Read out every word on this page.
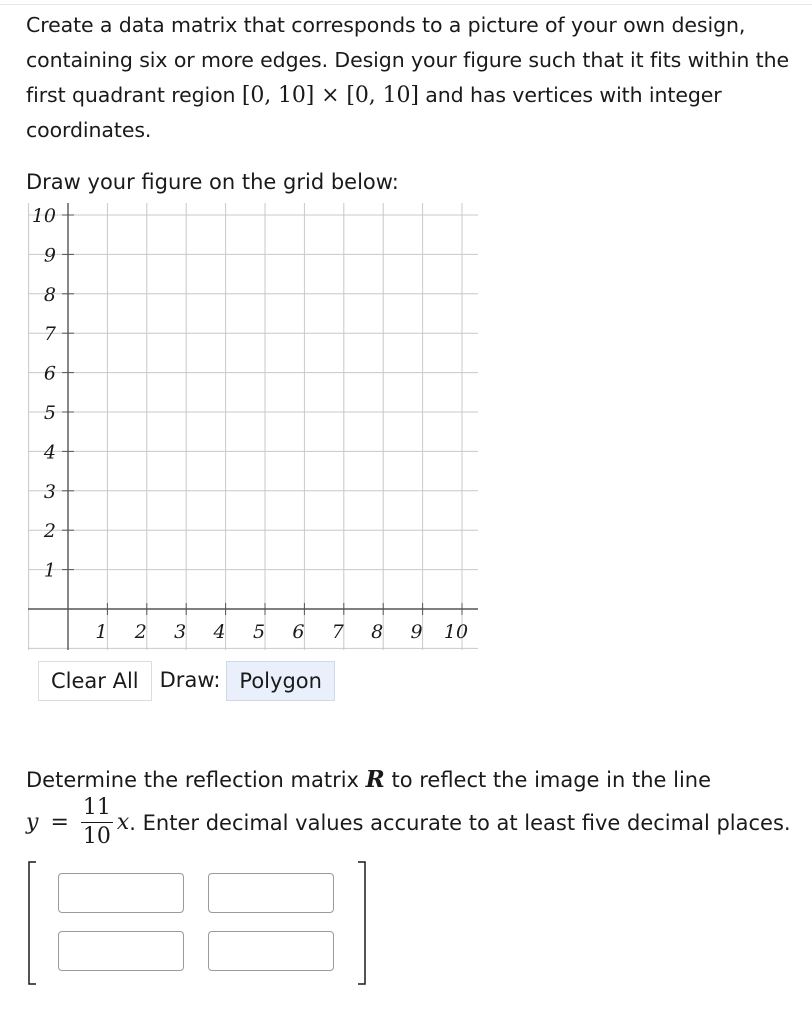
Create a data matrix that corresponds to a picture of your own design, containing six or more edges. Design your figure such that it fits within the first quadrant region [0, 10] × [0, 10] and has vertices with integer coordinates.
Draw your figure on the grid below:
1 2 3 4 5 6 7 8 9 10
10
9
8
7
6
5
4
3
2
1
Clear All	Draw: Polygon
Determine the reflection matrix R to reflect the image in the line
$y = \frac{11}{10}$ x . Enter decimal values accurate to at least five decimal places.
